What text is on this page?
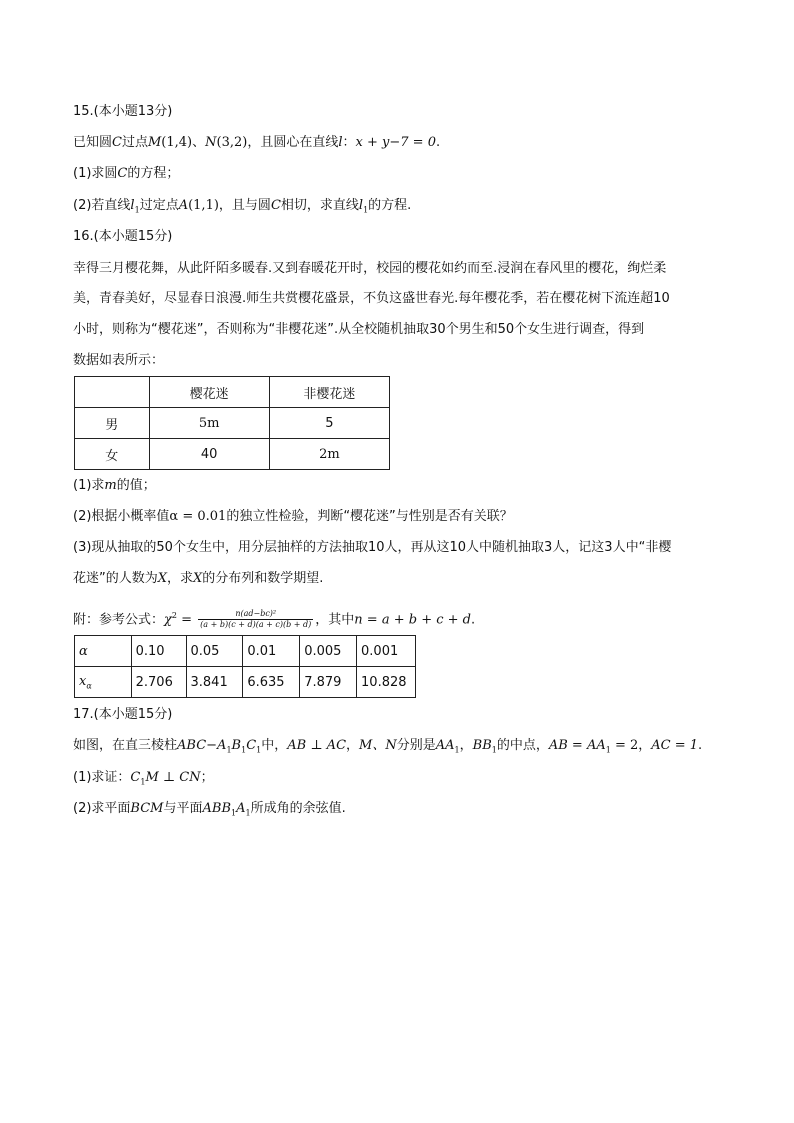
15.(本小题13分)
已知圆C过点M(1,4)、N(3,2)，且圆心在直线l：x + y−7 = 0.
(1)求圆C的方程；
(2)若直线$l_1$过定点A(1,1)，且与圆C相切，求直线$l_1$的方程.
16.(本小题15分)
幸得三月樱花舞，从此阡陌多暖春.又到春暖花开时，校园的樱花如约而至.浸润在春风里的樱花，绚烂柔
美，青春美好，尽显春日浪漫.师生共赏樱花盛景，不负这盛世春光.每年樱花季，若在樱花树下流连超10
小时，则称为“樱花迷”，否则称为“非樱花迷”.从全校随机抽取30个男生和50个女生进行调查，得到
数据如表所示：
	樱花迷	非樱花迷
男	5m	5
女	40	2m
(1)求m的值；
(2)根据小概率值α = 0.01的独立性检验，判断“樱花迷”与性别是否有关联？
(3)现从抽取的50个女生中，用分层抽样的方法抽取10人，再从这10人中随机抽取3人，记这3人中“非樱
花迷”的人数为X，求X的分布列和数学期望.
附：参考公式：$\chi^2 = \frac{\text{n(ad−bc)²}}{(a + b)(c + d)(a + c)(b + d)}$ ，其中n = a + b + c + d.
α	0.10	0.05	0.01	0.005	0.001
$x_\alpha$	2.706	3.841	6.635	7.879	10.828
17.(本小题15分)
如图，在直三棱柱$ABC-A_1B_1C_1$中，AB ⊥ AC，M、N分别是$AA_1$，$BB_1$的中点，AB = $AA_1 = 2$，AC = 1.
(1)求证：$C_1M$ ⊥ CN；
(2)求平面BCM与平面$ABB_1A_1$所成角的余弦值.
